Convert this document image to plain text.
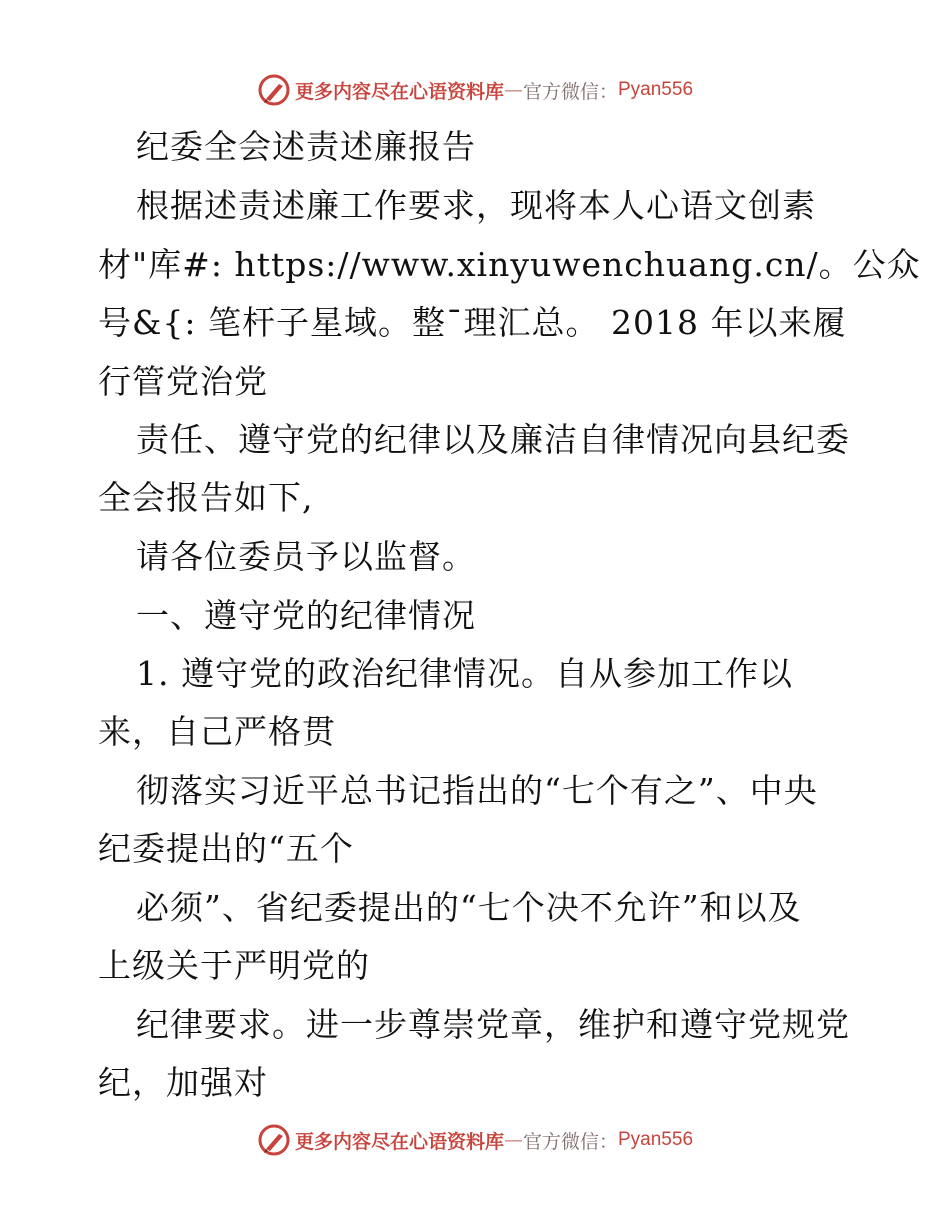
更多内容尽在心语资料库 — 官方微信： Pyan556
纪委全会述责述廉报告
根据述责述廉工作要求，现将本人心语文创素
材"库#: https://www.xinyuwenchuang.cn/。公众
号&{: 笔杆子星域。整¯理汇总。 2018 年以来履
行管党治党
责任、遵守党的纪律以及廉洁自律情况向县纪委
全会报告如下,
请各位委员予以监督。
一、遵守党的纪律情况
1. 遵守党的政治纪律情况。自从参加工作以
来，自己严格贯
彻落实习近平总书记指出的“七个有之”、中央
纪委提出的“五个
必须”、省纪委提出的“七个决不允许”和以及
上级关于严明党的
纪律要求。进一步尊崇党章，维护和遵守党规党
纪，加强对
更多内容尽在心语资料库 — 官方微信： Pyan556
